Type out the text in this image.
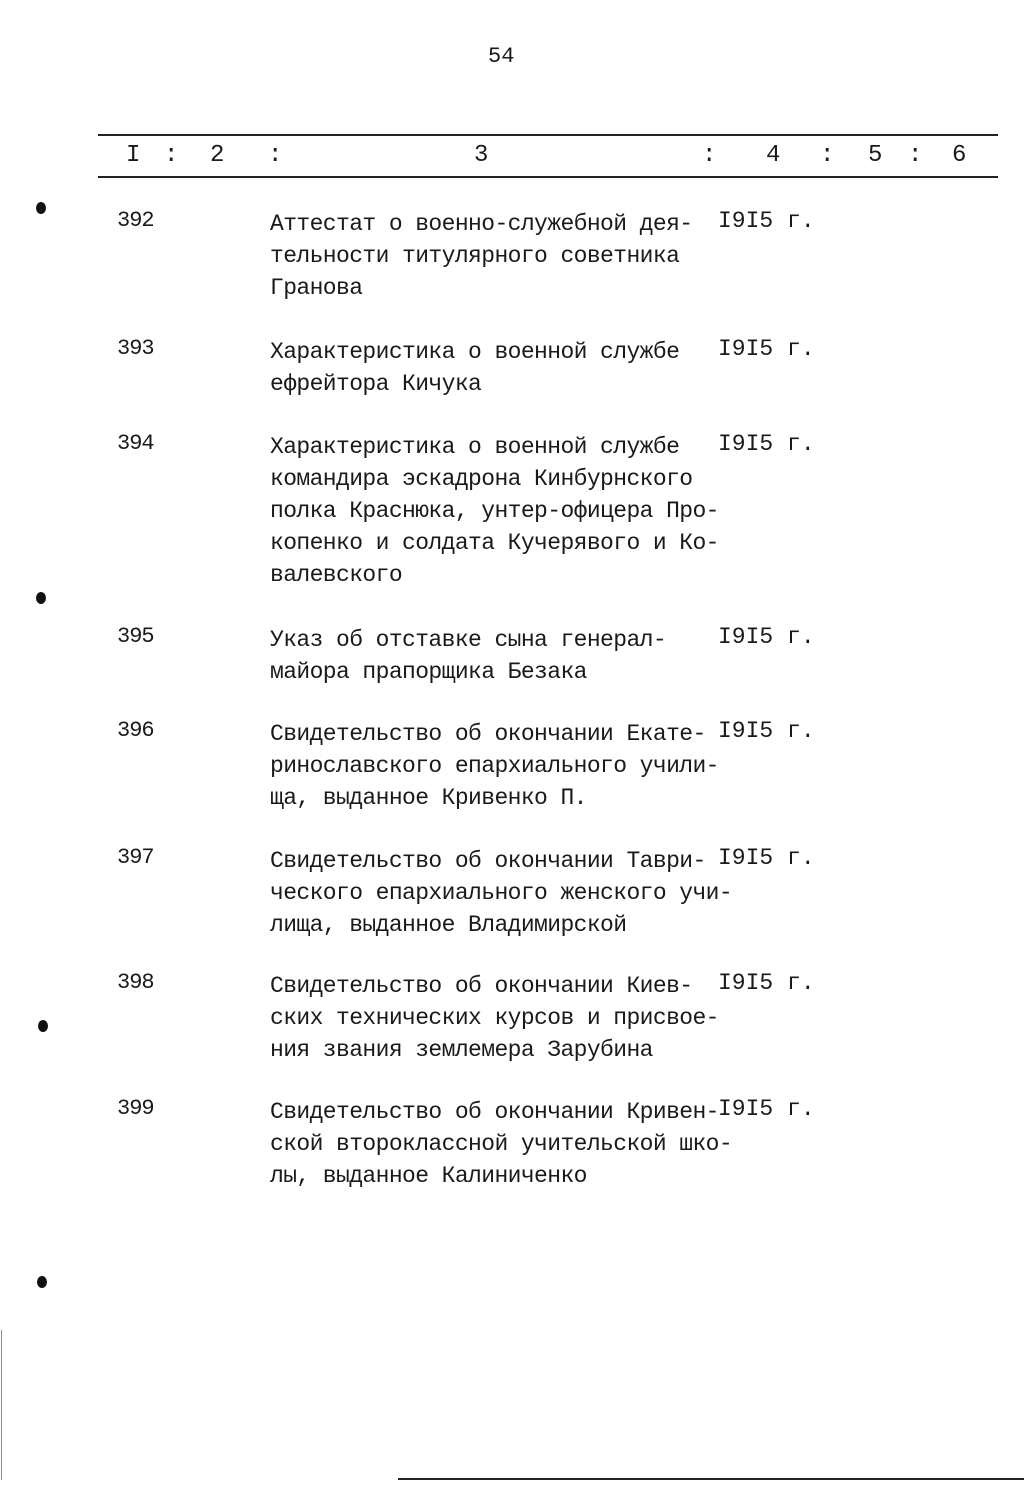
54
I : 2 :	3	: 4 : 5 : 6
392	Аттестат о военно-служебной дея-
тельности титулярного советника
Гранова
I9I5 г.
393	Характеристика о военной службе
ефрейтора Кичука
I9I5 г.
394	Характеристика о военной службе
командира эскадрона Кинбурнского
полка Краснюка, унтер-офицера Про-
копенко и солдата Кучерявого и Ко-
валевского
I9I5 г.
395	Указ об отставке сына генерал-
майора прапорщика Безака
I9I5 г.
396	Свидетельство об окончании Екате-
ринославского епархиального учили-
ща, выданное Кривенко П.
I9I5 г.
397	Свидетельство об окончании Таври-
ческого епархиального женского учи-
лища, выданное Владимирской
I9I5 г.
398	Свидетельство об окончании Киев-
ских технических курсов и присвое-
ния звания землемера Зарубина
I9I5 г.
399	Свидетельство об окончании Кривен-
ской второклассной учительской шко-
лы, выданное Калиниченко
I9I5 г.
